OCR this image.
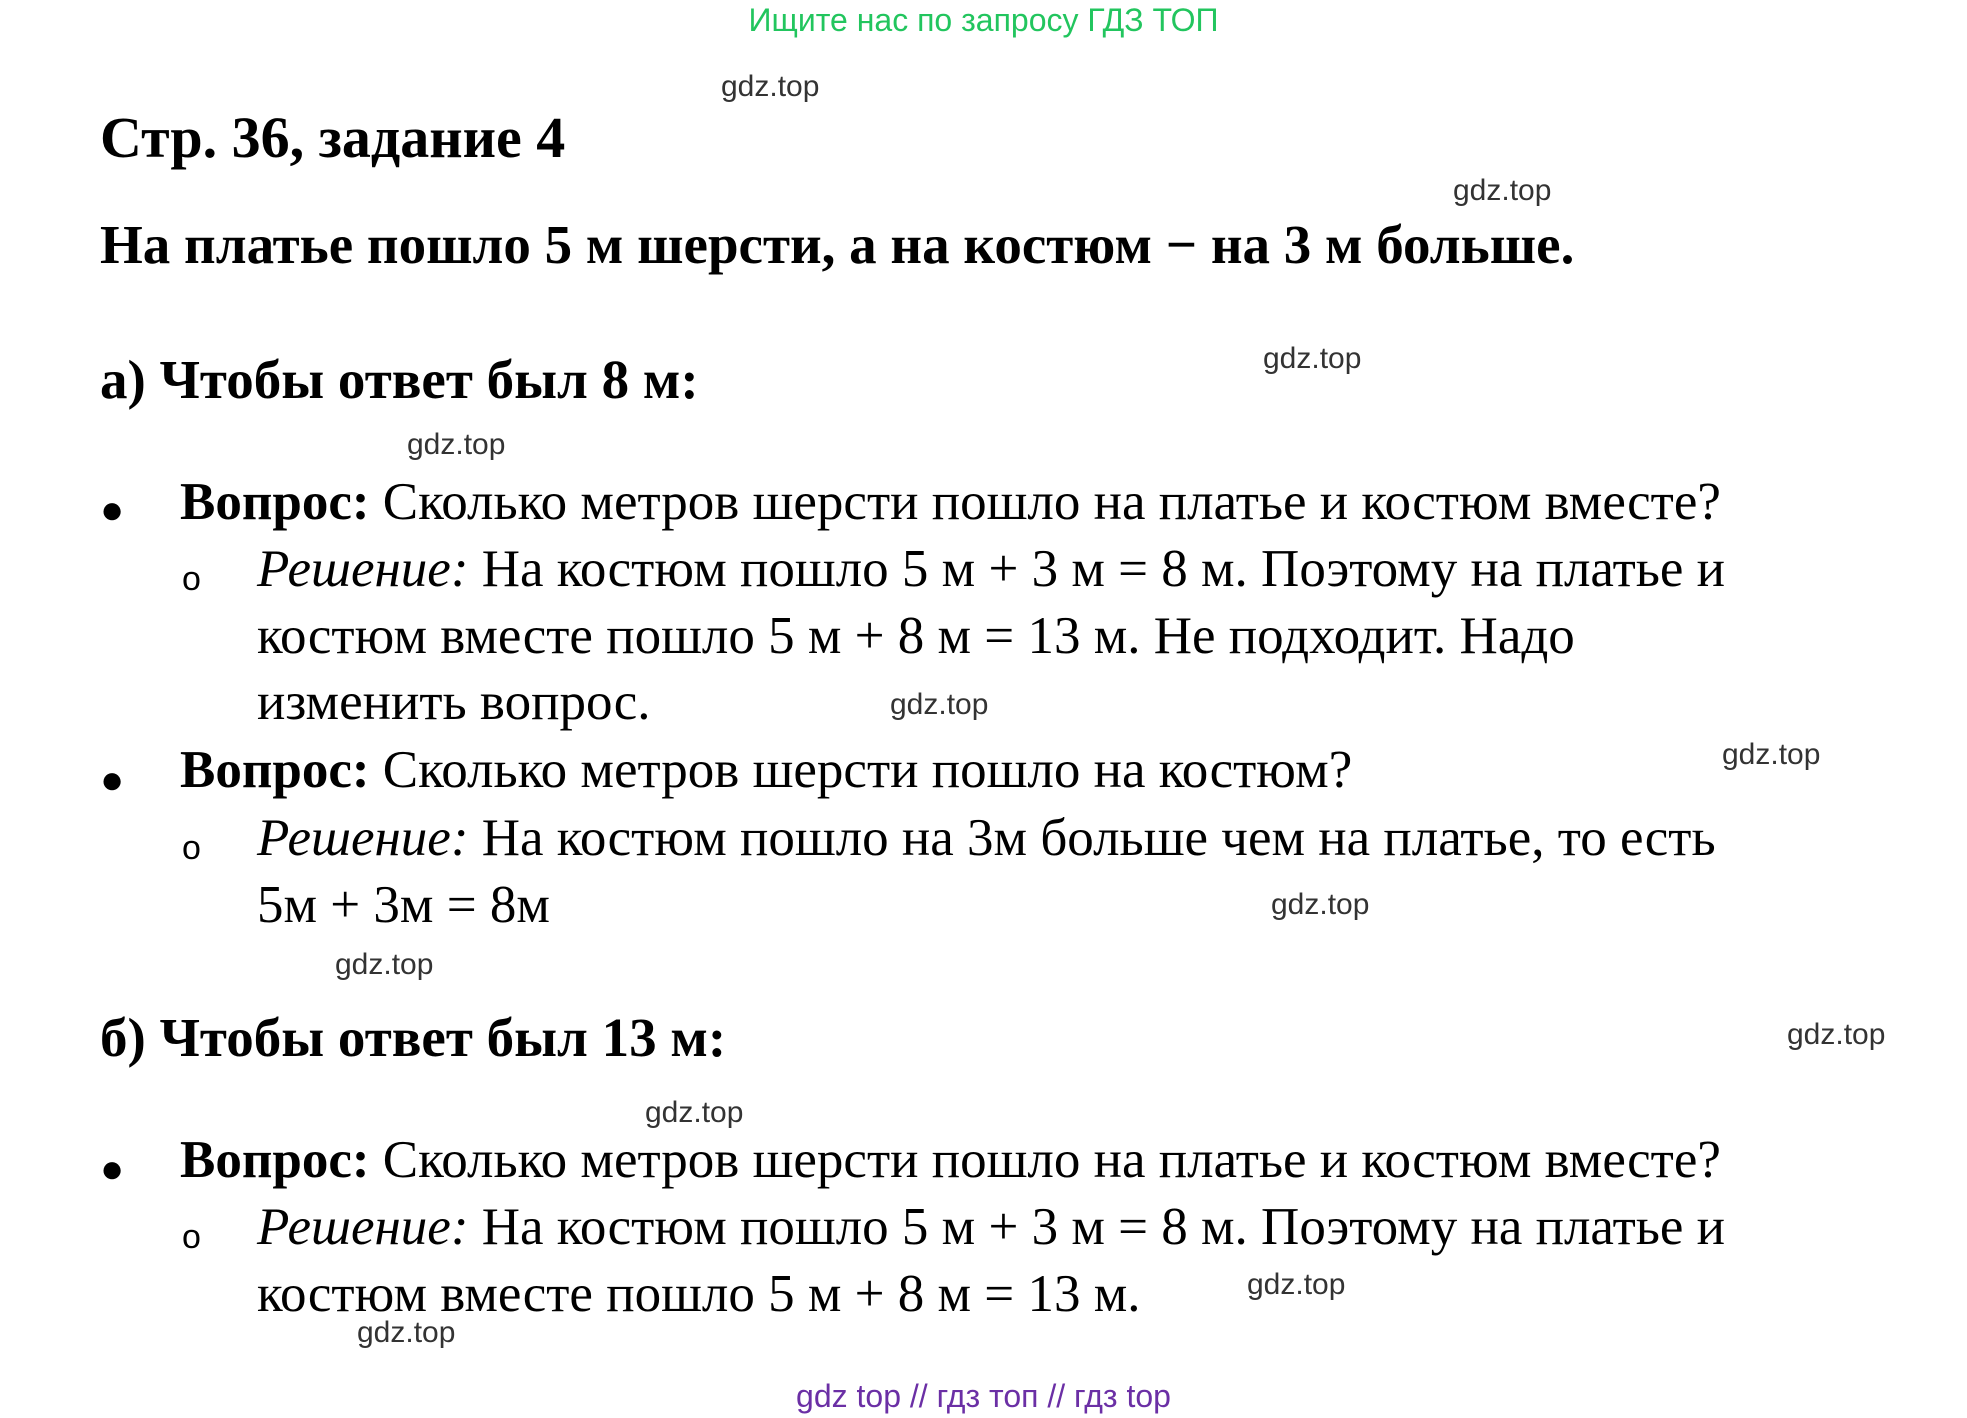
Ищите нас по запросу ГДЗ ТОП
Стр. 36, задание 4
На платье пошло 5 м шерсти, а на костюм − на 3 м больше.
а) Чтобы ответ был 8 м:
● Вопрос: Сколько метров шерсти пошло на платье и костюм вместе?
o Решение: На костюм пошло 5 м + 3 м = 8 м. Поэтому на платье и
костюм вместе пошло 5 м + 8 м = 13 м. Не подходит. Надо
изменить вопрос.
● Вопрос: Сколько метров шерсти пошло на костюм?
o Решение: На костюм пошло на 3м больше чем на платье, то есть
5м + 3м = 8м
б) Чтобы ответ был 13 м:
● Вопрос: Сколько метров шерсти пошло на платье и костюм вместе?
o Решение: На костюм пошло 5 м + 3 м = 8 м. Поэтому на платье и
костюм вместе пошло 5 м + 8 м = 13 м.
gdz.top
gdz.top
gdz.top
gdz.top
gdz.top
gdz.top
gdz.top
gdz.top
gdz.top
gdz.top
gdz.top
gdz.top
gdz top // гдз топ // гдз top
